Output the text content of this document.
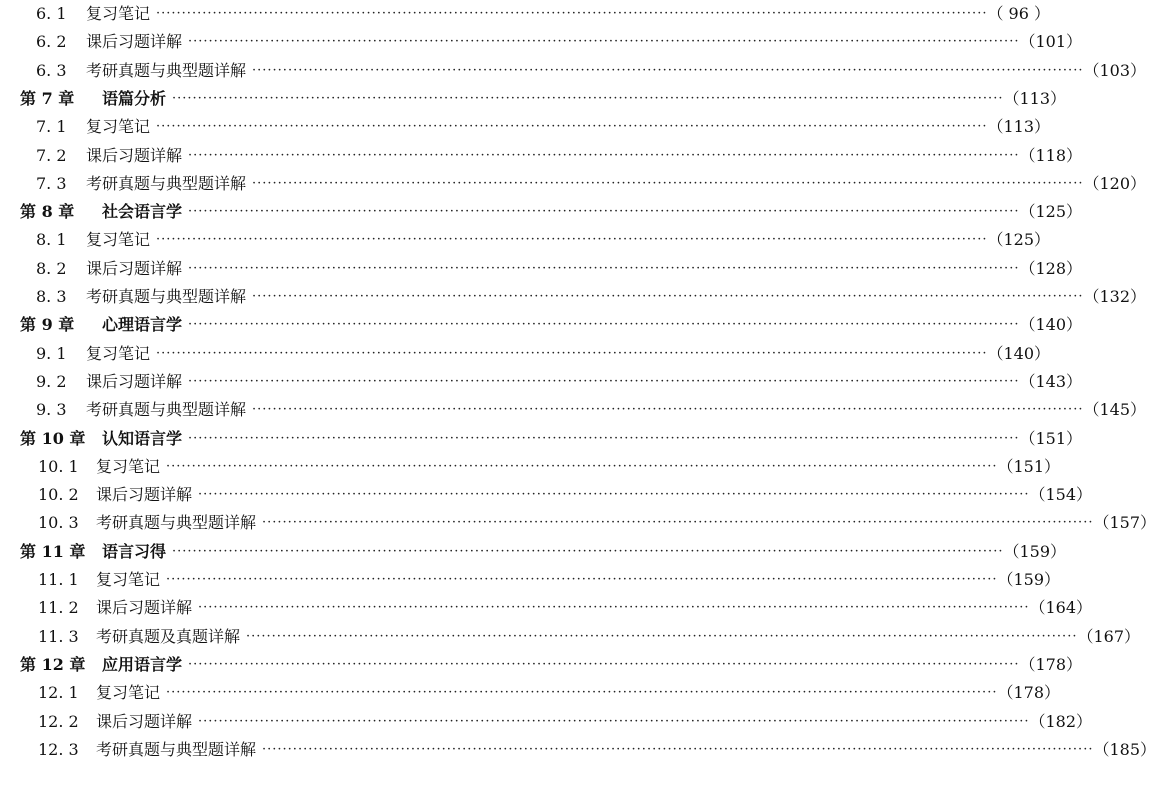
6. 1	复习笔记 ·····	（ 96 ）
6. 2	课后习题详解 ·····	（101）
6. 3	考研真题与典型题详解 ·····	（103）
第 7 章	语篇分析 ·····	（113）
7. 1	复习笔记 ·····	（113）
7. 2	课后习题详解 ·····	（118）
7. 3	考研真题与典型题详解 ·····	（120）
第 8 章	社会语言学 ·····	（125）
8. 1	复习笔记 ·····	（125）
8. 2	课后习题详解 ·····	（128）
8. 3	考研真题与典型题详解 ·····	（132）
第 9 章	心理语言学 ·····	（140）
9. 1	复习笔记 ·····	（140）
9. 2	课后习题详解 ·····	（143）
9. 3	考研真题与典型题详解 ·····	（145）
第 10 章	认知语言学 ·····	（151）
10. 1	复习笔记 ·····	（151）
10. 2	课后习题详解 ·····	（154）
10. 3	考研真题与典型题详解 ·····	（157）
第 11 章	语言习得 ·····	（159）
11. 1	复习笔记 ·····	（159）
11. 2	课后习题详解 ·····	（164）
11. 3	考研真题及真题详解 ·····	（167）
第 12 章	应用语言学 ·····	（178）
12. 1	复习笔记 ·····	（178）
12. 2	课后习题详解 ·····	（182）
12. 3	考研真题与典型题详解 ·····	（185）
